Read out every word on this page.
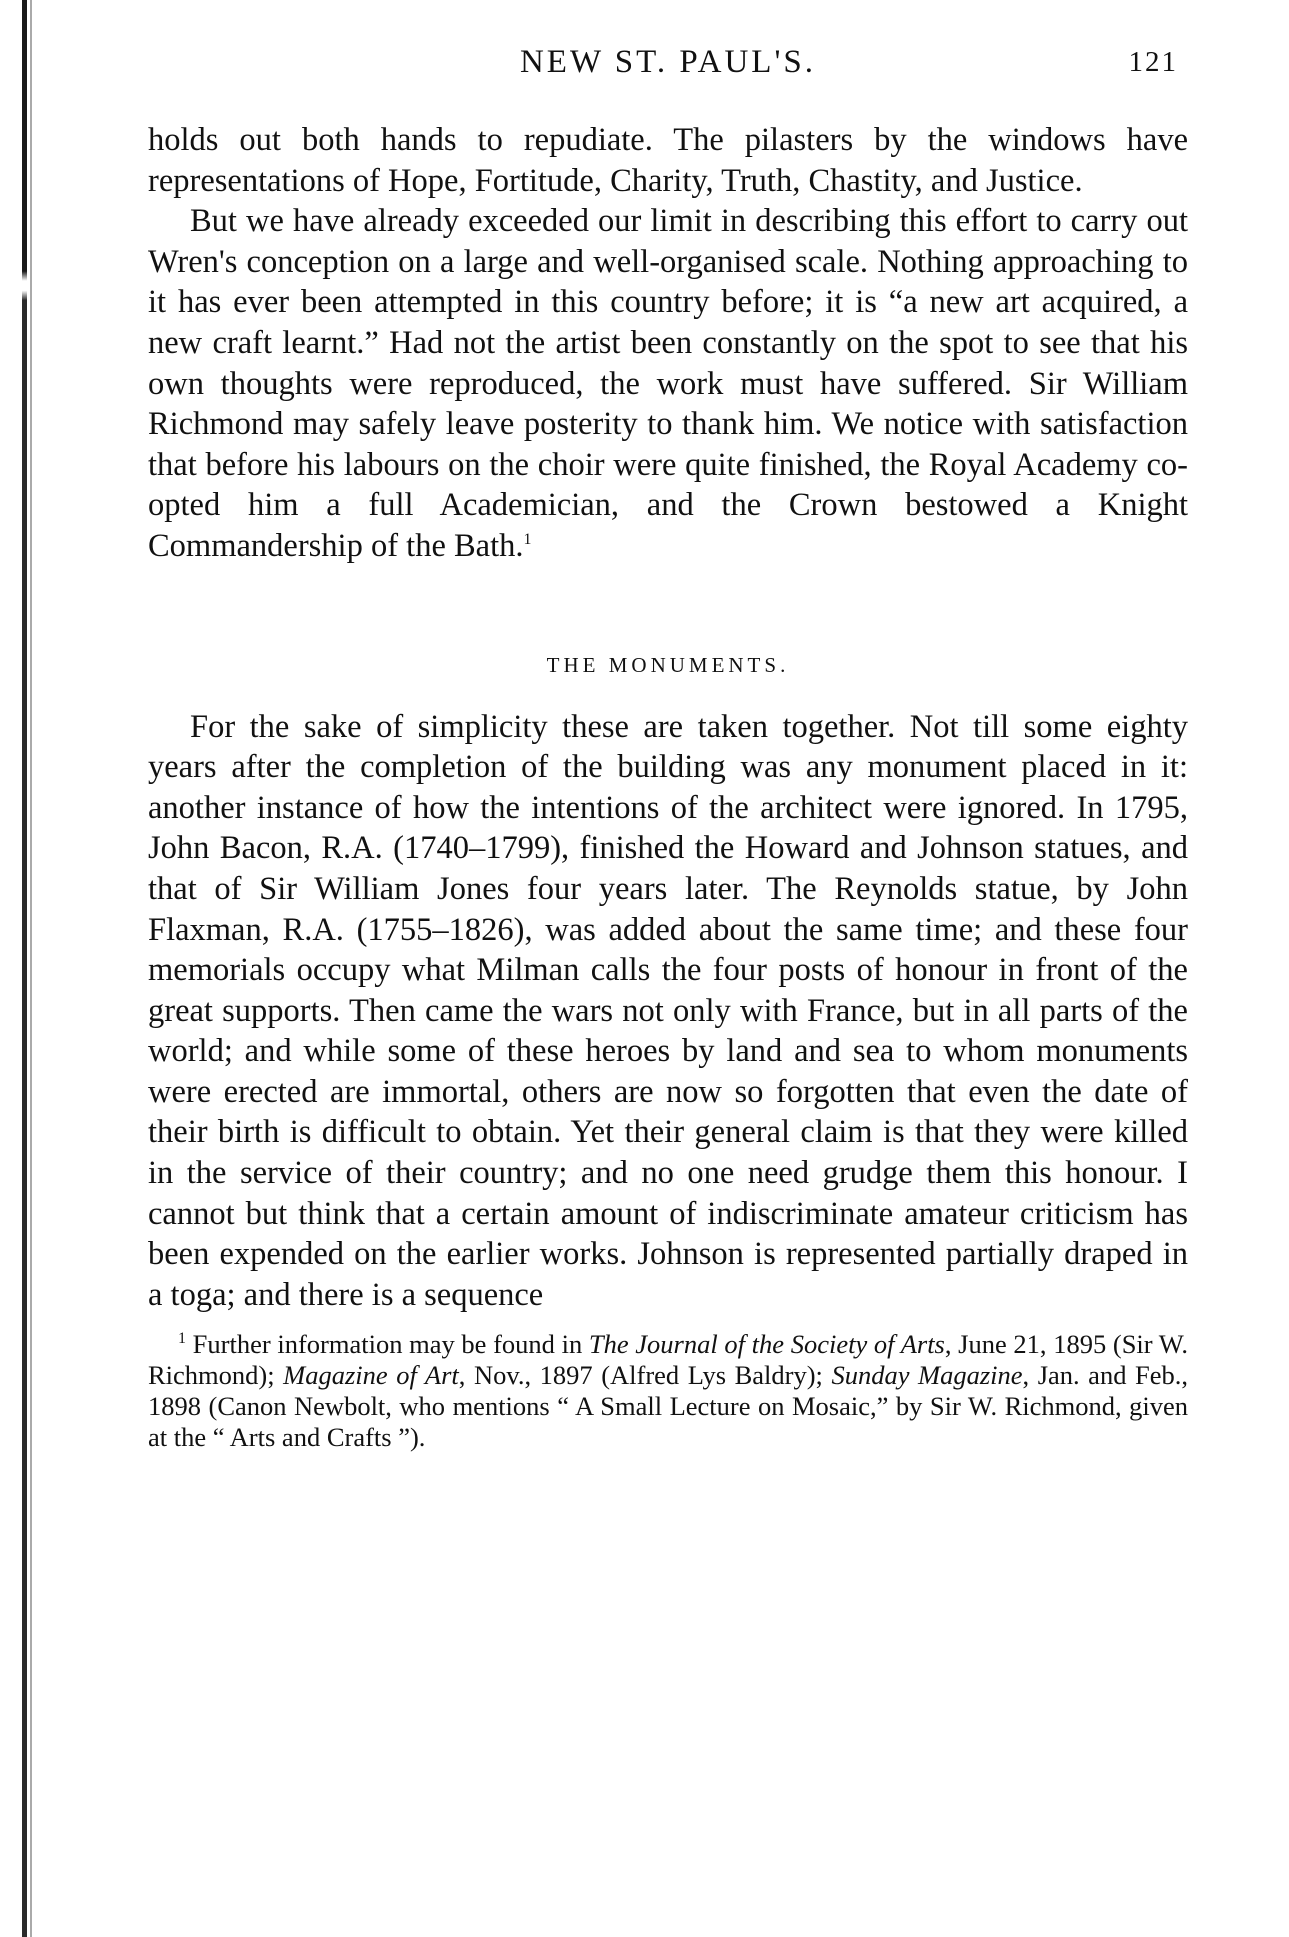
NEW ST. PAUL'S.	121

holds out both hands to repudiate. The pilasters by the windows have representations of Hope, Fortitude, Charity, Truth, Chastity, and Justice.

But we have already exceeded our limit in describing this effort to carry out Wren's conception on a large and well-organised scale. Nothing approaching to it has ever been attempted in this country before; it is “a new art acquired, a new craft learnt.” Had not the artist been constantly on the spot to see that his own thoughts were reproduced, the work must have suffered. Sir William Richmond may safely leave posterity to thank him. We notice with satisfaction that before his labours on the choir were quite finished, the Royal Academy co-opted him a full Academician, and the Crown bestowed a Knight Commandership of the Bath.$^1$

THE MONUMENTS.

For the sake of simplicity these are taken together. Not till some eighty years after the completion of the building was any monument placed in it: another instance of how the intentions of the architect were ignored. In 1795, John Bacon, R.A. (1740–1799), finished the Howard and Johnson statues, and that of Sir William Jones four years later. The Reynolds statue, by John Flaxman, R.A. (1755–1826), was added about the same time; and these four memorials occupy what Milman calls the four posts of honour in front of the great supports. Then came the wars not only with France, but in all parts of the world; and while some of these heroes by land and sea to whom monuments were erected are immortal, others are now so forgotten that even the date of their birth is difficult to obtain. Yet their general claim is that they were killed in the service of their country; and no one need grudge them this honour. I cannot but think that a certain amount of indiscriminate amateur criticism has been expended on the earlier works. Johnson is represented partially draped in a toga; and there is a sequence

$^1$ Further information may be found in The Journal of the Society of Arts, June 21, 1895 (Sir W. Richmond); Magazine of Art, Nov., 1897 (Alfred Lys Baldry); Sunday Magazine, Jan. and Feb., 1898 (Canon Newbolt, who mentions “ A Small Lecture on Mosaic,” by Sir W. Richmond, given at the “ Arts and Crafts ”).
